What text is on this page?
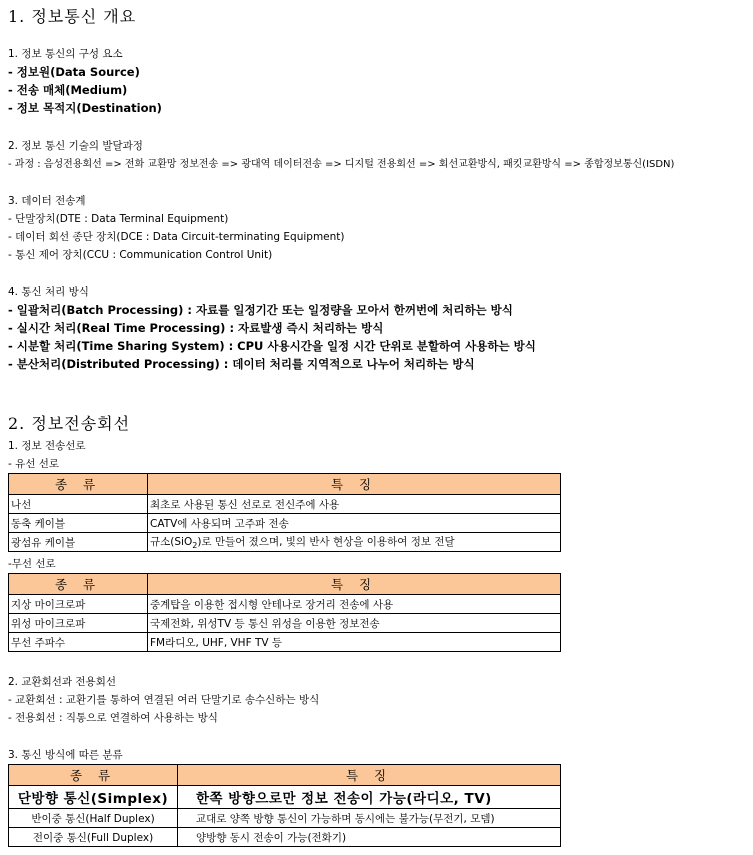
1. 정보통신 개요
1. 정보 통신의 구성 요소
- 정보원(Data Source)
- 전송 매체(Medium)
- 정보 목적지(Destination)
2. 정보 통신 기술의 발달과정
- 과정 : 음성전용회선 => 전화 교환망 정보전송 => 광대역 데이터전송 => 디지털 전용회선 => 회선교환방식, 패킷교환방식 => 종합정보통신(ISDN)
3. 데이터 전송계
- 단말장치(DTE : Data Terminal Equipment)
- 데이터 회선 종단 장치(DCE : Data Circuit-terminating Equipment)
- 통신 제어 장치(CCU : Communication Control Unit)
4. 통신 처리 방식
- 일괄처리(Batch Processing) : 자료를 일정기간 또는 일정량을 모아서 한꺼번에 처리하는 방식
- 실시간 처리(Real Time Processing) : 자료발생 즉시 처리하는 방식
- 시분할 처리(Time Sharing System) : CPU 사용시간을 일정 시간 단위로 분할하여 사용하는 방식
- 분산처리(Distributed Processing) : 데이터 처리를 지역적으로 나누어 처리하는 방식
2. 정보전송회선
1. 정보 전송선로
- 유선 선로
종 류	특 징
나선	최초로 사용된 통신 선로로 전신주에 사용
동축 케이블	CATV에 사용되며 고주파 전송
광섬유 케이블	규소(SiO$_2$)로 만들어 졌으며, 빛의 반사 현상을 이용하여 정보 전달
-무선 선로
종 류	특 징
지상 마이크로파	중계탑을 이용한 접시형 안테나로 장거리 전송에 사용
위성 마이크로파	국제전화, 위성TV 등 통신 위성을 이용한 정보전송
무선 주파수	FM라디오, UHF, VHF TV 등
2. 교환회선과 전용회선
- 교환회선 : 교환기를 통하여 연결된 여러 단말기로 송수신하는 방식
- 전용회선 : 직통으로 연결하여 사용하는 방식
3. 통신 방식에 따른 분류
종 류	특 징
단방향 통신(Simplex)	한쪽 방향으로만 정보 전송이 가능(라디오, TV)
반이중 통신(Half Duplex)	교대로 양쪽 방향 통신이 가능하며 동시에는 불가능(무전기, 모뎀)
전이중 통신(Full Duplex)	양방향 동시 전송이 가능(전화기)
